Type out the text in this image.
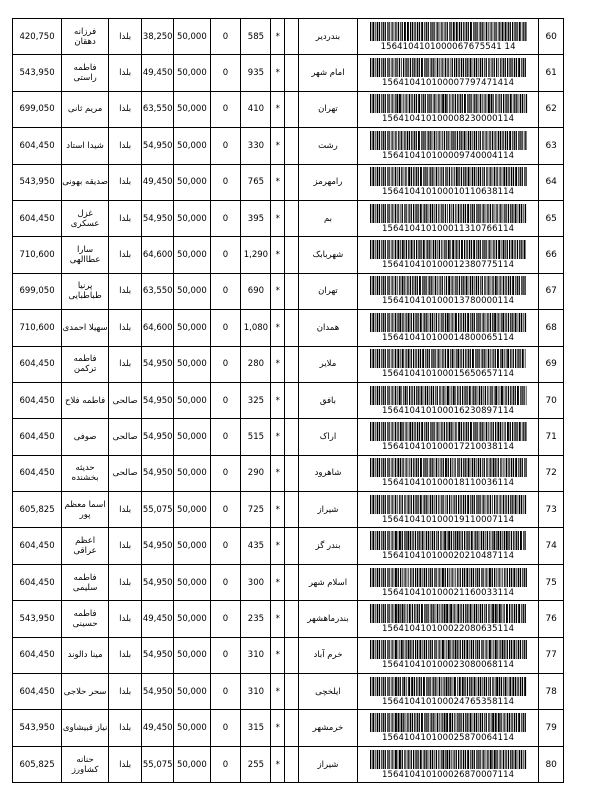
420,750	فرزانه دهقان	بلدا	38,250	50,000	0	585	*		بندردیر	1564104101000067675541 14	60
543,950	فاطمه راستی	بلدا	49,450	50,000	0	935	*		امام شهر	156410410100007797471414	61
699,050	مریم ثانی	بلدا	63,550	50,000	0	410	*		تهران	156410410100008230000114	62
604,450	شیدا استاد	بلدا	54,950	50,000	0	330	*		رشت	156410410100009740004114	63
543,950	صدیقه بهونی	بلدا	49,450	50,000	0	765	*		رامهرمز	156410410100010110638114	64
604,450	غزل عسکری	بلدا	54,950	50,000	0	395	*		بم	156410410100011310766114	65
710,600	سارا عطاالهی	بلدا	64,600	50,000	0	1,290	*		شهربابک	156410410100012380775114	66
699,050	پرنیا طباطبایی	بلدا	63,550	50,000	0	690	*		تهران	156410410100013780000114	67
710,600	سهیلا احمدی	بلدا	64,600	50,000	0	1,080	*		همدان	156410410100014800065114	68
604,450	فاطمه ترکمن	بلدا	54,950	50,000	0	280	*		ملایر	156410410100015650657114	69
604,450	فاطمه فلاح	صالحی	54,950	50,000	0	325	*		بافق	156410410100016230897114	70
604,450	صوفی	صالحی	54,950	50,000	0	515	*		اراک	156410410100017210038114	71
604,450	حدیثه بخشنده	صالحی	54,950	50,000	0	290	*		شاهرود	156410410100018110036114	72
605,825	اسما معظم پور	بلدا	55,075	50,000	0	725	*		شیراز	156410410100019110007114	73
604,450	اعظم عراقی	بلدا	54,950	50,000	0	435	*		بندر گز	156410410100020210487114	74
604,450	فاطمه سلیمی	بلدا	54,950	50,000	0	300	*		اسلام شهر	156410410100021160033114	75
543,950	فاطمه حسینی	بلدا	49,450	50,000	0	235	*		بندرماهشهر	156410410100022080635114	76
604,450	مینا دالوند	بلدا	54,950	50,000	0	310	*		خرم آباد	156410410100023080068114	77
604,450	سحر حلاجی	بلدا	54,950	50,000	0	310	*		ایلخچی	156410410100024765358114	78
543,950	نیاز قبیشاوی	بلدا	49,450	50,000	0	315	*		خرمشهر	156410410100025870064114	79
605,825	حنانه کشاورز	بلدا	55,075	50,000	0	255	*		شیراز	156410410100026870007114	80
